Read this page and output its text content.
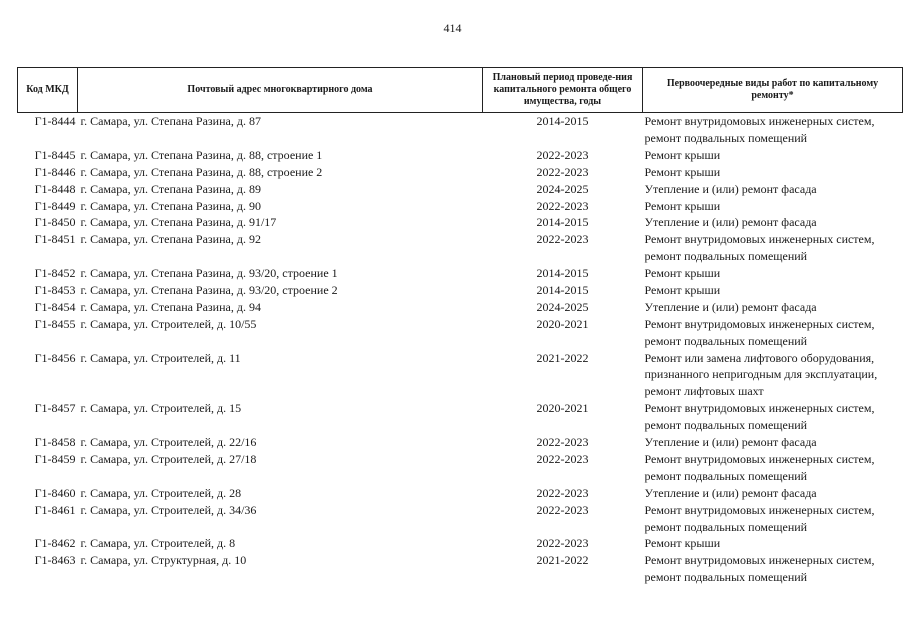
414
Код МКД	Почтовый адрес многоквартирного дома	Плановый период проведе-ния капитального ремонта общего имущества, годы	Первоочередные виды работ по капитальному ремонту*
Г1-8444	г. Самара, ул. Степана Разина, д. 87	2014-2015	Ремонт внутридомовых инженерных систем,
ремонт подвальных помещений

Г1-8445	г. Самара, ул. Степана Разина, д. 88, строение 1	2022-2023	Ремонт крыши

Г1-8446	г. Самара, ул. Степана Разина, д. 88, строение 2	2022-2023	Ремонт крыши

Г1-8448	г. Самара, ул. Степана Разина, д. 89	2024-2025	Утепление и (или) ремонт фасада

Г1-8449	г. Самара, ул. Степана Разина, д. 90	2022-2023	Ремонт крыши

Г1-8450	г. Самара, ул. Степана Разина, д. 91/17	2014-2015	Утепление и (или) ремонт фасада

Г1-8451	г. Самара, ул. Степана Разина, д. 92	2022-2023	Ремонт внутридомовых инженерных систем,
ремонт подвальных помещений

Г1-8452	г. Самара, ул. Степана Разина, д. 93/20, строение 1	2014-2015	Ремонт крыши

Г1-8453	г. Самара, ул. Степана Разина, д. 93/20, строение 2	2014-2015	Ремонт крыши

Г1-8454	г. Самара, ул. Степана Разина, д. 94	2024-2025	Утепление и (или) ремонт фасада

Г1-8455	г. Самара, ул. Строителей, д. 10/55	2020-2021	Ремонт внутридомовых инженерных систем,
ремонт подвальных помещений

Г1-8456	г. Самара, ул. Строителей, д. 11	2021-2022	Ремонт или замена лифтового оборудования,
признанного непригодным для эксплуатации,
ремонт лифтовых шахт

Г1-8457	г. Самара, ул. Строителей, д. 15	2020-2021	Ремонт внутридомовых инженерных систем,
ремонт подвальных помещений

Г1-8458	г. Самара, ул. Строителей, д. 22/16	2022-2023	Утепление и (или) ремонт фасада

Г1-8459	г. Самара, ул. Строителей, д. 27/18	2022-2023	Ремонт внутридомовых инженерных систем,
ремонт подвальных помещений

Г1-8460	г. Самара, ул. Строителей, д. 28	2022-2023	Утепление и (или) ремонт фасада

Г1-8461	г. Самара, ул. Строителей, д. 34/36	2022-2023	Ремонт внутридомовых инженерных систем,
ремонт подвальных помещений

Г1-8462	г. Самара, ул. Строителей, д. 8	2022-2023	Ремонт крыши

Г1-8463	г. Самара, ул. Структурная, д. 10	2021-2022	Ремонт внутридомовых инженерных систем,
ремонт подвальных помещений
